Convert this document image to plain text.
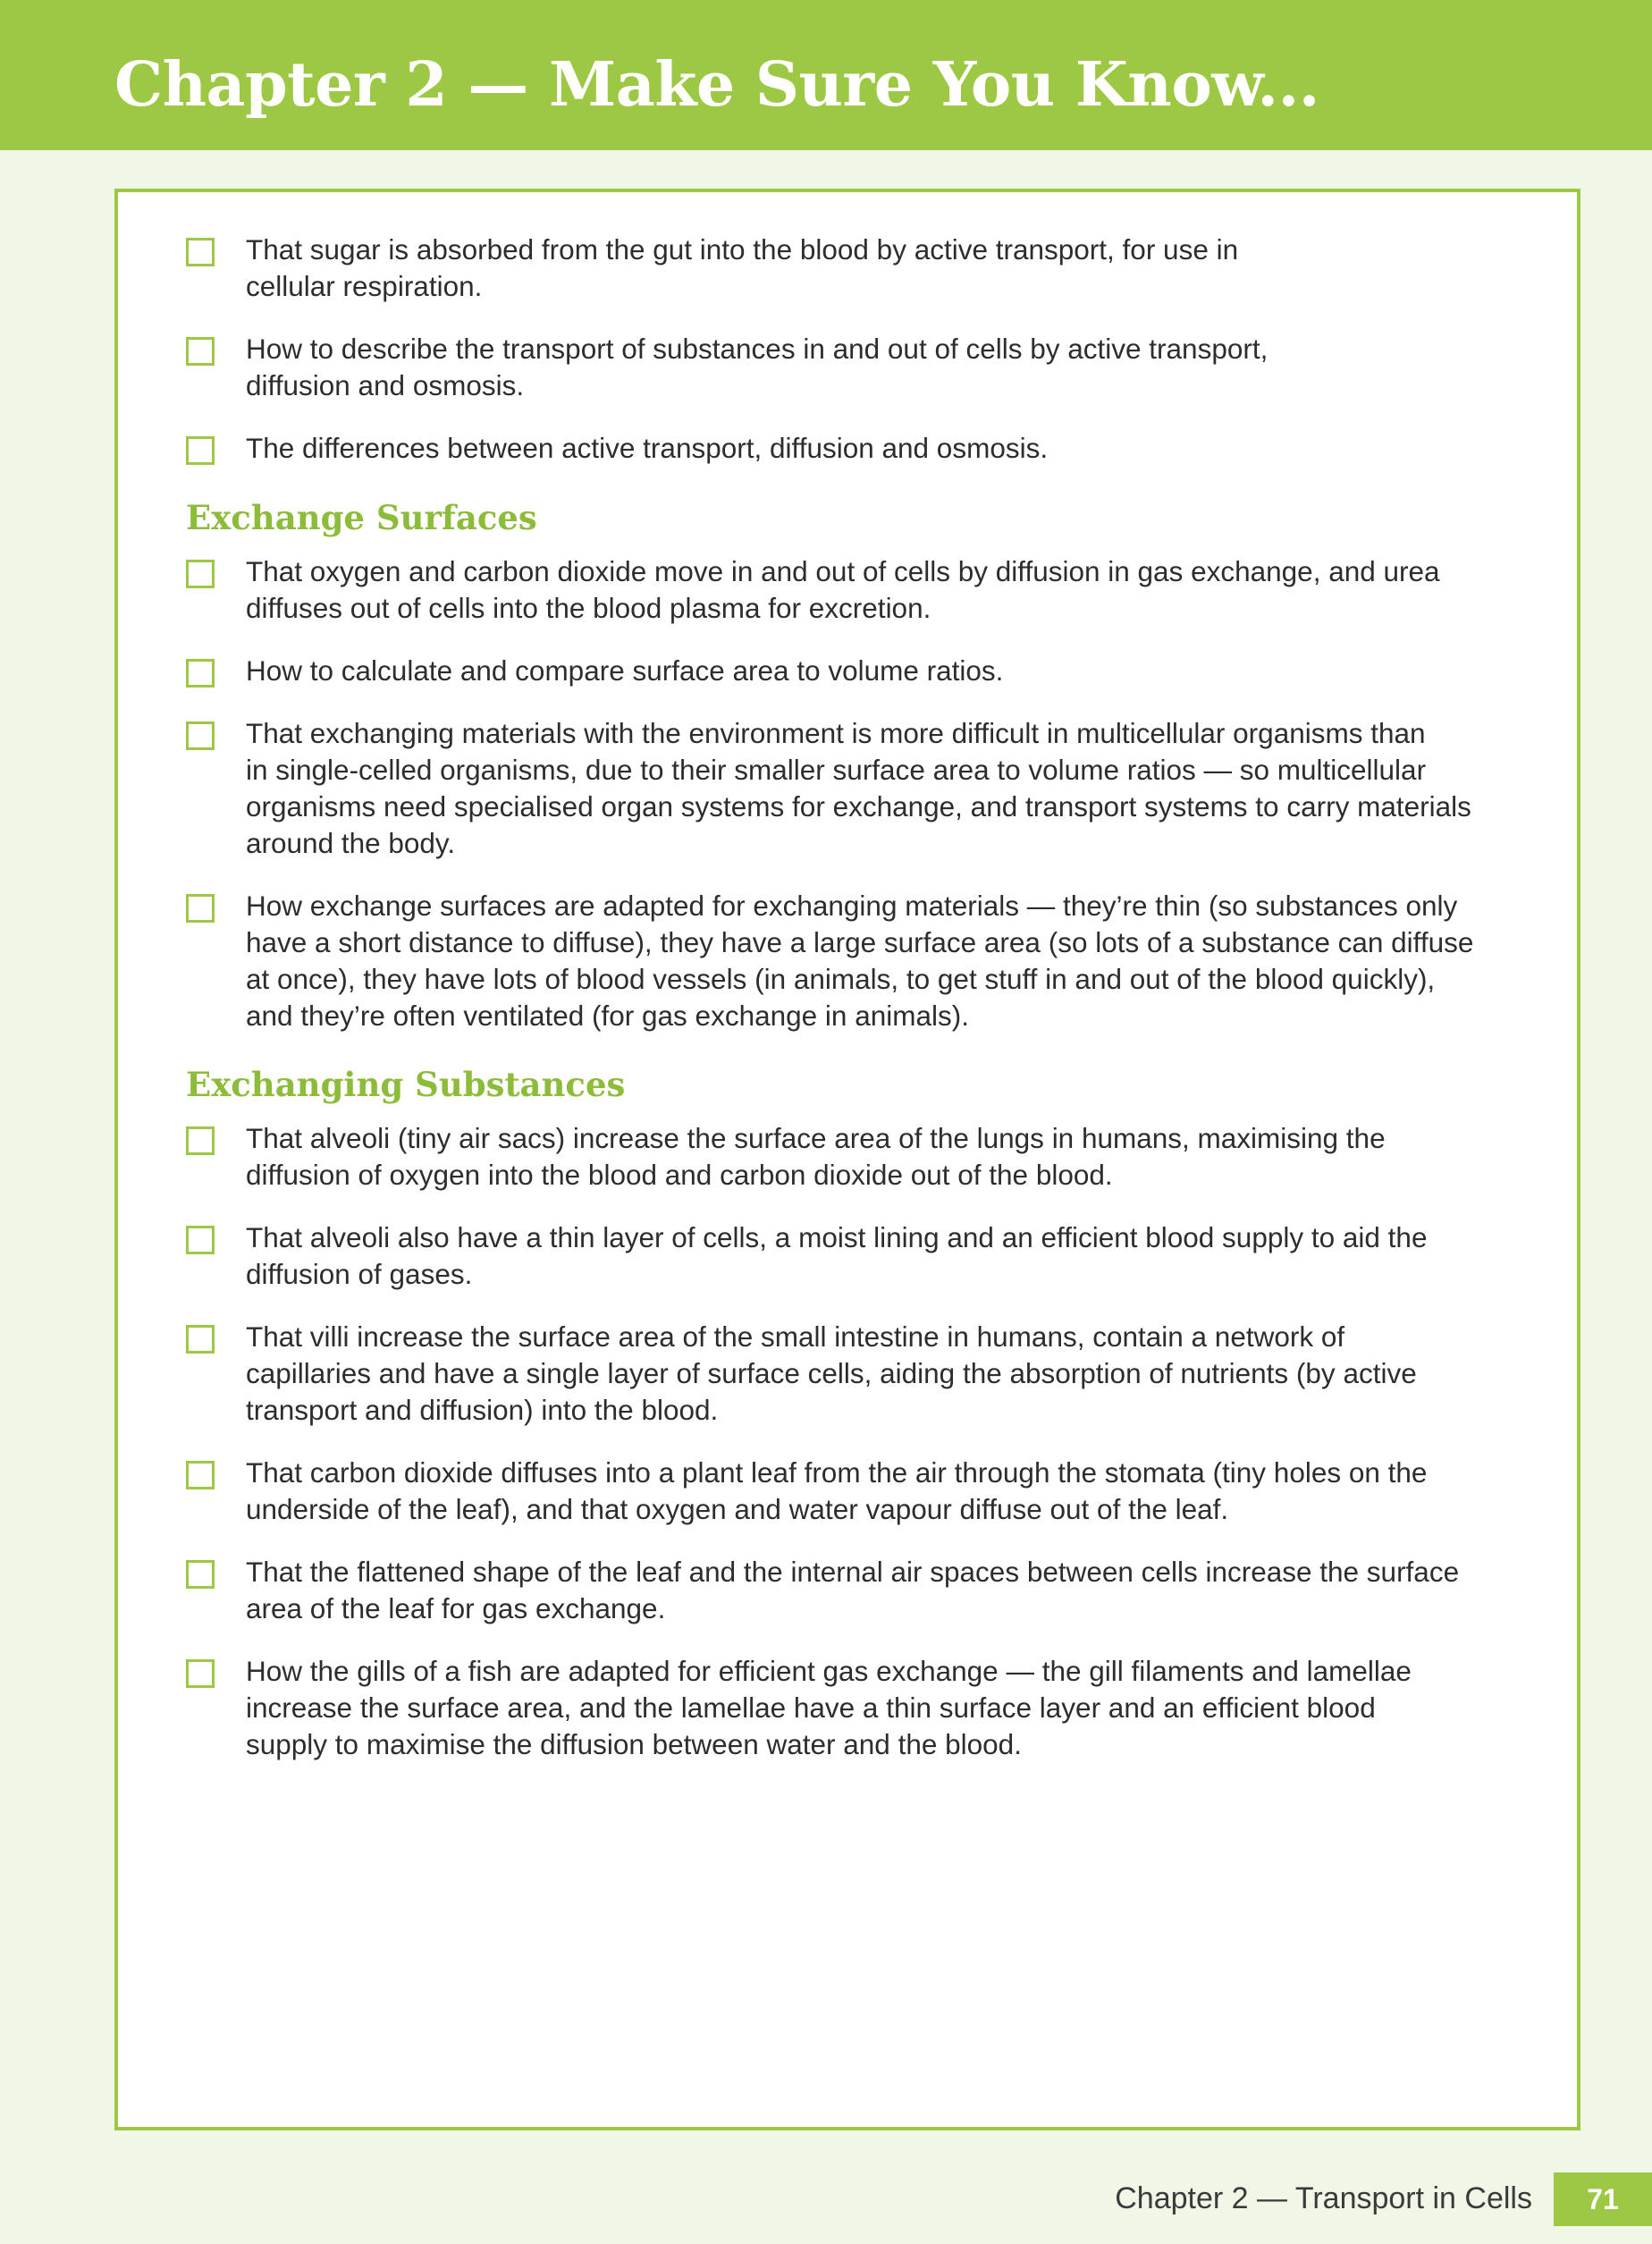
Chapter 2 — Make Sure You Know...
That sugar is absorbed from the gut into the blood by active transport, for use in
cellular respiration.
How to describe the transport of substances in and out of cells by active transport,
diffusion and osmosis.
The differences between active transport, diffusion and osmosis.
Exchange Surfaces
That oxygen and carbon dioxide move in and out of cells by diffusion in gas exchange, and urea
diffuses out of cells into the blood plasma for excretion.
How to calculate and compare surface area to volume ratios.
That exchanging materials with the environment is more difficult in multicellular organisms than
in single-celled organisms, due to their smaller surface area to volume ratios — so multicellular
organisms need specialised organ systems for exchange, and transport systems to carry materials
around the body.
How exchange surfaces are adapted for exchanging materials — they’re thin (so substances only
have a short distance to diffuse), they have a large surface area (so lots of a substance can diffuse
at once), they have lots of blood vessels (in animals, to get stuff in and out of the blood quickly),
and they’re often ventilated (for gas exchange in animals).
Exchanging Substances
That alveoli (tiny air sacs) increase the surface area of the lungs in humans, maximising the
diffusion of oxygen into the blood and carbon dioxide out of the blood.
That alveoli also have a thin layer of cells, a moist lining and an efficient blood supply to aid the
diffusion of gases.
That villi increase the surface area of the small intestine in humans, contain a network of
capillaries and have a single layer of surface cells, aiding the absorption of nutrients (by active
transport and diffusion) into the blood.
That carbon dioxide diffuses into a plant leaf from the air through the stomata (tiny holes on the
underside of the leaf), and that oxygen and water vapour diffuse out of the leaf.
That the flattened shape of the leaf and the internal air spaces between cells increase the surface
area of the leaf for gas exchange.
How the gills of a fish are adapted for efficient gas exchange — the gill filaments and lamellae
increase the surface area, and the lamellae have a thin surface layer and an efficient blood
supply to maximise the diffusion between water and the blood.
Chapter 2 — Transport in Cells	71
